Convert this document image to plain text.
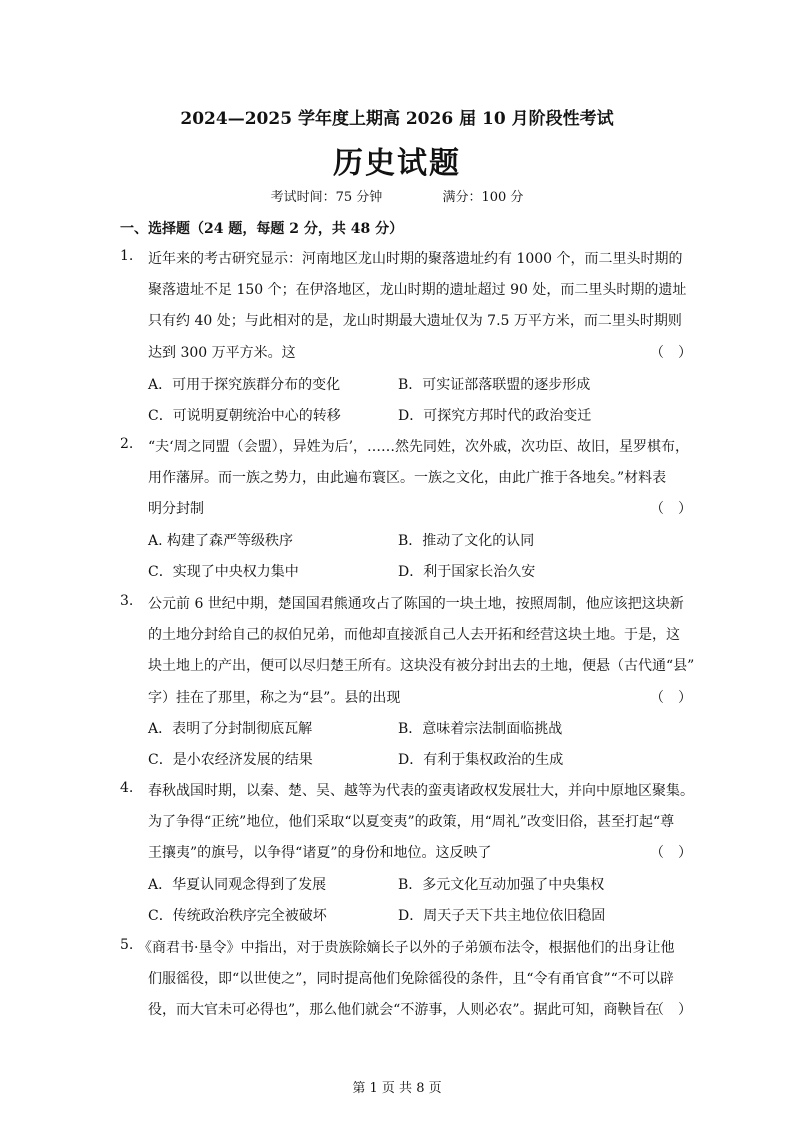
2024—2025 学年度上期高 2026 届 10 月阶段性考试
历史试题
考试时间：75 分钟	满分：100 分
一、选择题（24 题，每题 2 分，共 48 分）
1. 近年来的考古研究显示：河南地区龙山时期的聚落遗址约有 1000 个，而二里头时期的
聚落遗址不足 150 个；在伊洛地区，龙山时期的遗址超过 90 处，而二里头时期的遗址
只有约 40 处；与此相对的是，龙山时期最大遗址仅为 7.5 万平方米，而二里头时期则
达到 300 万平方米。这	（　）
A．可用于探究族群分布的变化	B．可实证部落联盟的逐步形成
C．可说明夏朝统治中心的转移	D．可探究方邦时代的政治变迁
2. “夫‘周之同盟（会盟），异姓为后’，……然先同姓，次外戚，次功臣、故旧，星罗棋布，
用作藩屏。而一族之势力，由此遍布寰区。一族之文化，由此广推于各地矣。”材料表
明分封制	（　）
A. 构建了森严等级秩序	B．推动了文化的认同
C．实现了中央权力集中	D．利于国家长治久安
3. 公元前 6 世纪中期，楚国国君熊通攻占了陈国的一块土地，按照周制，他应该把这块新
的土地分封给自己的叔伯兄弟，而他却直接派自己人去开拓和经营这块土地。于是，这
块土地上的产出，便可以尽归楚王所有。这块没有被分封出去的土地，便悬（古代通“县”
字）挂在了那里，称之为“县”。县的出现	（　）
A．表明了分封制彻底瓦解	B．意味着宗法制面临挑战
C．是小农经济发展的结果	D．有利于集权政治的生成
4. 春秋战国时期，以秦、楚、吴、越等为代表的蛮夷诸政权发展壮大，并向中原地区聚集。
为了争得“正统”地位，他们采取“以夏变夷”的政策，用“周礼”改变旧俗，甚至打起“尊
王攘夷”的旗号，以争得“诸夏”的身份和地位。这反映了	（　）
A．华夏认同观念得到了发展	B．多元文化互动加强了中央集权
C．传统政治秩序完全被破坏	D．周天子天下共主地位依旧稳固
5. 《商君书·垦令》中指出，对于贵族除嫡长子以外的子弟颁布法令，根据他们的出身让他
们服徭役，即“以世使之”，同时提高他们免除徭役的条件，且“令有甬官食”“不可以辟
役，而大官未可必得也”，那么他们就会“不游事，人则必农”。据此可知，商鞅旨在
（　）
第 1 页 共 8 页
